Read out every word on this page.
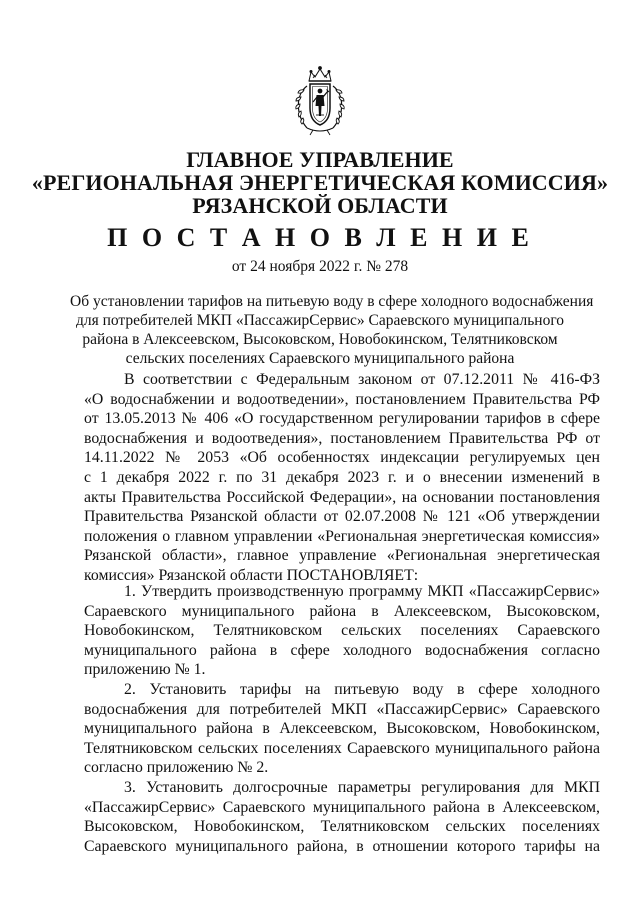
ГЛАВНОЕ УПРАВЛЕНИЕ
«РЕГИОНАЛЬНАЯ ЭНЕРГЕТИЧЕСКАЯ КОМИССИЯ»
РЯЗАНСКОЙ ОБЛАСТИ
П О С Т А Н О В Л Е Н И Е
от 24 ноября 2022 г. № 278
Об установлении тарифов на питьевую воду в сфере холодного водоснабжения
для потребителей МКП «ПассажирСервис» Сараевского муниципального
района в Алексеевском, Высоковском, Новобокинском, Телятниковском
сельских поселениях Сараевского муниципального района
В соответствии с Федеральным законом от 07.12.2011 № 416-ФЗ
«О водоснабжении и водоотведении», постановлением Правительства РФ
от 13.05.2013 № 406 «О государственном регулировании тарифов в сфере
водоснабжения и водоотведения», постановлением Правительства РФ от
14.11.2022 № 2053 «Об особенностях индексации регулируемых цен
с 1 декабря 2022 г. по 31 декабря 2023 г. и о внесении изменений в
акты Правительства Российской Федерации», на основании постановления
Правительства Рязанской области от 02.07.2008 № 121 «Об утверждении
положения о главном управлении «Региональная энергетическая комиссия»
Рязанской области», главное управление «Региональная энергетическая
комиссия» Рязанской области ПОСТАНОВЛЯЕТ:
1. Утвердить производственную программу МКП «ПассажирСервис»
Сараевского муниципального района в Алексеевском, Высоковском,
Новобокинском, Телятниковском сельских поселениях Сараевского
муниципального района в сфере холодного водоснабжения согласно
приложению № 1.
2. Установить тарифы на питьевую воду в сфере холодного
водоснабжения для потребителей МКП «ПассажирСервис» Сараевского
муниципального района в Алексеевском, Высоковском, Новобокинском,
Телятниковском сельских поселениях Сараевского муниципального района
согласно приложению № 2.
3. Установить долгосрочные параметры регулирования для МКП
«ПассажирСервис» Сараевского муниципального района в Алексеевском,
Высоковском, Новобокинском, Телятниковском сельских поселениях
Сараевского муниципального района, в отношении которого тарифы на
